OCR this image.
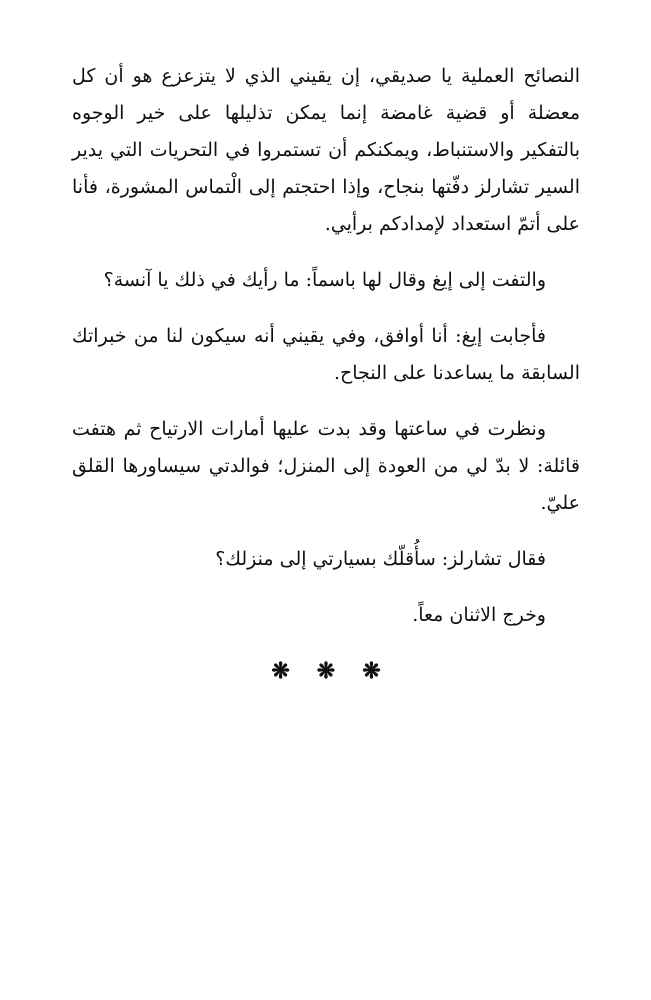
النصائح العملية يا صديقي، إن يقيني الذي لا يتزعزع هو أن كل معضلة أو قضية غامضة إنما يمكن تذليلها على خير الوجوه بالتفكير والاستنباط، ويمكنكم أن تستمروا في التحريات التي يدير السير تشارلز دفّتها بنجاح، وإذا احتجتم إلى الْتماس المشورة، فأنا على أتمّ استعداد لإمدادكم برأيي.

والتفت إلى إيغ وقال لها باسماً: ما رأيك في ذلك يا آنسة؟

فأجابت إيغ: أنا أوافق، وفي يقيني أنه سيكون لنا من خبراتك السابقة ما يساعدنا على النجاح.

ونظرت في ساعتها وقد بدت عليها أمارات الارتياح ثم هتفت قائلة: لا بدّ لي من العودة إلى المنزل؛ فوالدتي سيساورها القلق عليّ.

فقال تشارلز: سأُقلّك بسيارتي إلى منزلك؟

وخرج الاثنان معاً.

❋ ❋ ❋
